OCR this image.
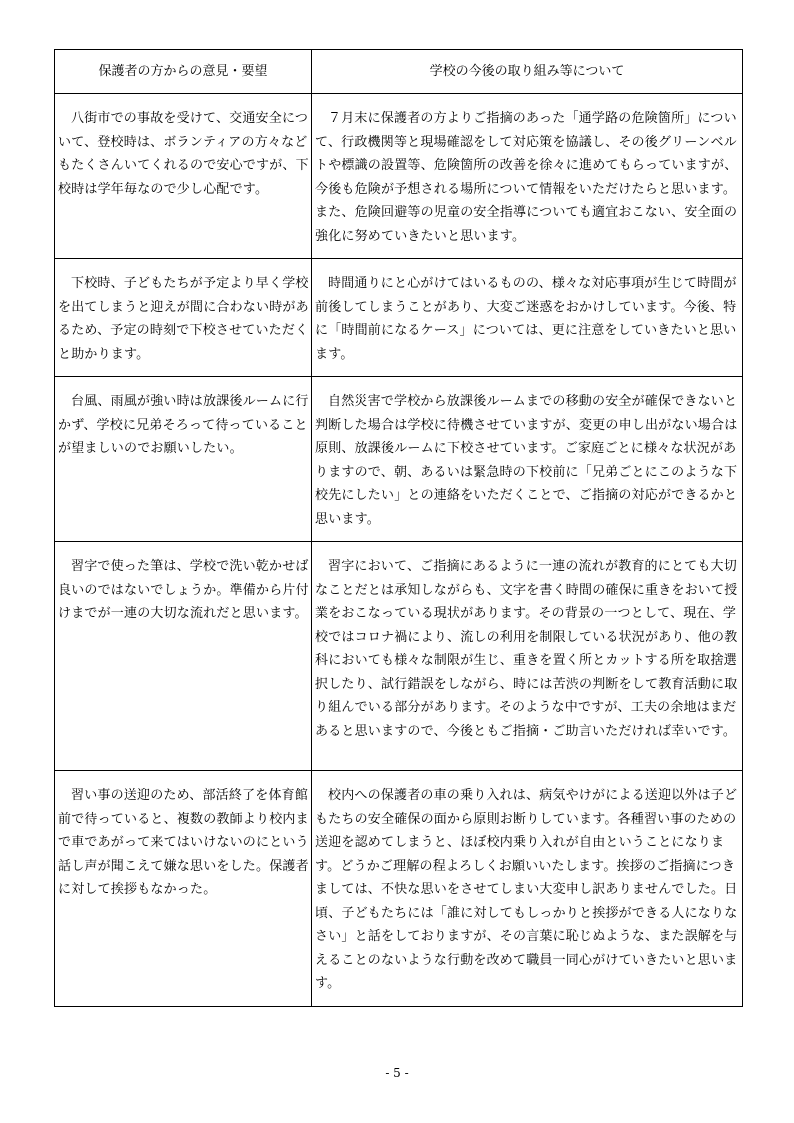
保護者の方からの意見・要望	学校の今後の取り組み等について

八街市での事故を受けて、交通安全について、登校時は、ボランティアの方々などもたくさんいてくれるので安心ですが、下校時は学年毎なので少し心配です。	７月末に保護者の方よりご指摘のあった「通学路の危険箇所」について、行政機関等と現場確認をして対応策を協議し、その後グリーンベルトや標識の設置等、危険箇所の改善を徐々に進めてもらっていますが、今後も危険が予想される場所について情報をいただけたらと思います。また、危険回避等の児童の安全指導についても適宜おこない、安全面の強化に努めていきたいと思います。

下校時、子どもたちが予定より早く学校を出てしまうと迎えが間に合わない時があるため、予定の時刻で下校させていただくと助かります。	時間通りにと心がけてはいるものの、様々な対応事項が生じて時間が前後してしまうことがあり、大変ご迷惑をおかけしています。今後、特に「時間前になるケース」については、更に注意をしていきたいと思います。

台風、雨風が強い時は放課後ルームに行かず、学校に兄弟そろって待っていることが望ましいのでお願いしたい。	自然災害で学校から放課後ルームまでの移動の安全が確保できないと判断した場合は学校に待機させていますが、変更の申し出がない場合は原則、放課後ルームに下校させています。ご家庭ごとに様々な状況がありますので、朝、あるいは緊急時の下校前に「兄弟ごとにこのような下校先にしたい」との連絡をいただくことで、ご指摘の対応ができるかと思います。

習字で使った筆は、学校で洗い乾かせば良いのではないでしょうか。準備から片付けまでが一連の大切な流れだと思います。	習字において、ご指摘にあるように一連の流れが教育的にとても大切なことだとは承知しながらも、文字を書く時間の確保に重きをおいて授業をおこなっている現状があります。その背景の一つとして、現在、学校ではコロナ禍により、流しの利用を制限している状況があり、他の教科においても様々な制限が生じ、重きを置く所とカットする所を取捨選択したり、試行錯誤をしながら、時には苦渋の判断をして教育活動に取り組んでいる部分があります。そのような中ですが、工夫の余地はまだあると思いますので、今後ともご指摘・ご助言いただければ幸いです。

習い事の送迎のため、部活終了を体育館前で待っていると、複数の教師より校内まで車であがって来てはいけないのにという話し声が聞こえて嫌な思いをした。保護者に対して挨拶もなかった。	校内への保護者の車の乗り入れは、病気やけがによる送迎以外は子どもたちの安全確保の面から原則お断りしています。各種習い事のための送迎を認めてしまうと、ほぼ校内乗り入れが自由ということになります。どうかご理解の程よろしくお願いいたします。挨拶のご指摘につきましては、不快な思いをさせてしまい大変申し訳ありませんでした。日頃、子どもたちには「誰に対してもしっかりと挨拶ができる人になりなさい」と話をしておりますが、その言葉に恥じぬような、また誤解を与えることのないような行動を改めて職員一同心がけていきたいと思います。
- 5 -
